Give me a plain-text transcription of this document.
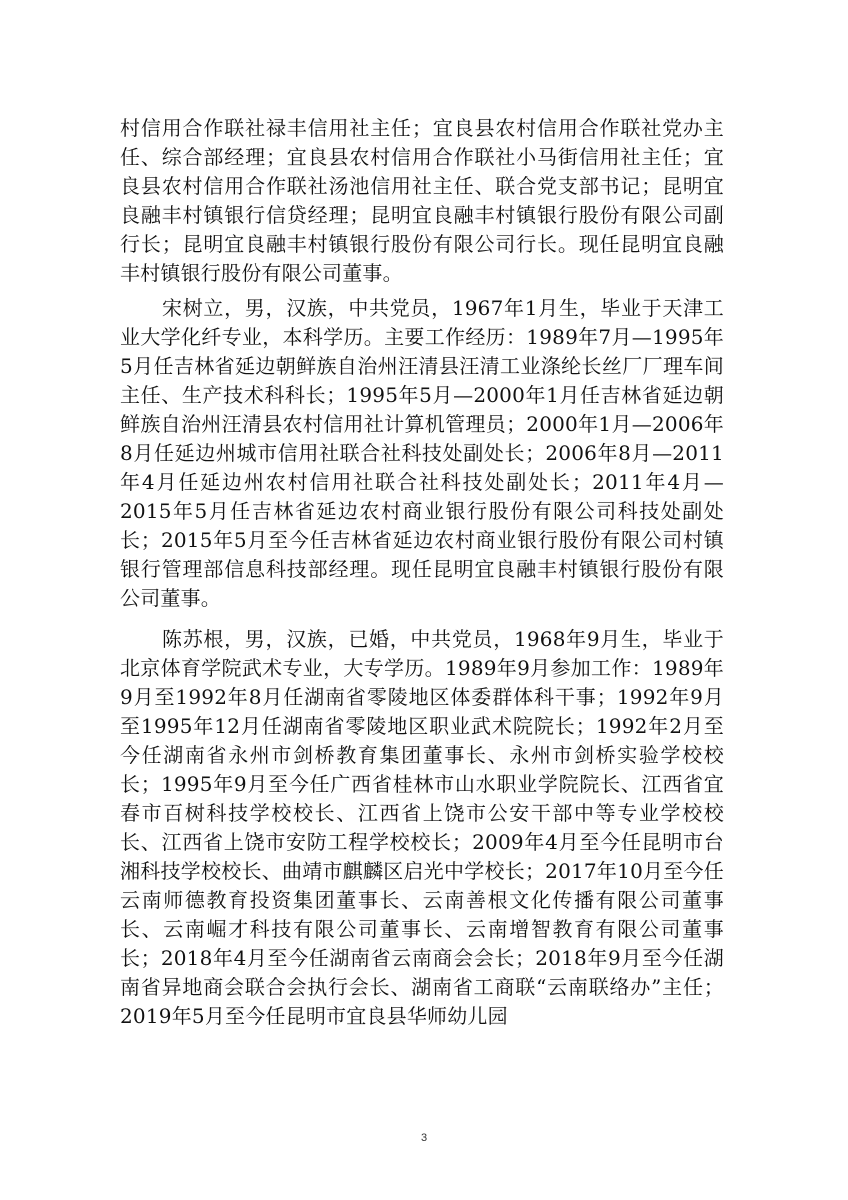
村信用合作联社禄丰信用社主任；宜良县农村信用合作联社党办主任、综合部经理；宜良县农村信用合作联社小马街信用社主任；宜良县农村信用合作联社汤池信用社主任、联合党支部书记；昆明宜良融丰村镇银行信贷经理；昆明宜良融丰村镇银行股份有限公司副行长；昆明宜良融丰村镇银行股份有限公司行长。现任昆明宜良融丰村镇银行股份有限公司董事。

宋树立，男，汉族，中共党员，1967年1月生，毕业于天津工业大学化纤专业，本科学历。主要工作经历：1989年7月—1995年5月任吉林省延边朝鲜族自治州汪清县汪清工业涤纶长丝厂厂理车间主任、生产技术科科长；1995年5月—2000年1月任吉林省延边朝鲜族自治州汪清县农村信用社计算机管理员；2000年1月—2006年8月任延边州城市信用社联合社科技处副处长；2006年8月—2011年4月任延边州农村信用社联合社科技处副处长；2011年4月—2015年5月任吉林省延边农村商业银行股份有限公司科技处副处长；2015年5月至今任吉林省延边农村商业银行股份有限公司村镇银行管理部信息科技部经理。现任昆明宜良融丰村镇银行股份有限公司董事。

陈苏根，男，汉族，已婚，中共党员，1968年9月生，毕业于北京体育学院武术专业，大专学历。1989年9月参加工作：1989年9月至1992年8月任湖南省零陵地区体委群体科干事；1992年9月至1995年12月任湖南省零陵地区职业武术院院长；1992年2月至今任湖南省永州市剑桥教育集团董事长、永州市剑桥实验学校校长；1995年9月至今任广西省桂林市山水职业学院院长、江西省宜春市百树科技学校校长、江西省上饶市公安干部中等专业学校校长、江西省上饶市安防工程学校校长；2009年4月至今任昆明市台湘科技学校校长、曲靖市麒麟区启光中学校长；2017年10月至今任云南师德教育投资集团董事长、云南善根文化传播有限公司董事长、云南崛才科技有限公司董事长、云南增智教育有限公司董事长；2018年4月至今任湖南省云南商会会长；2018年9月至今任湖南省异地商会联合会执行会长、湖南省工商联“云南联络办”主任；2019年5月至今任昆明市宜良县华师幼儿园

3
